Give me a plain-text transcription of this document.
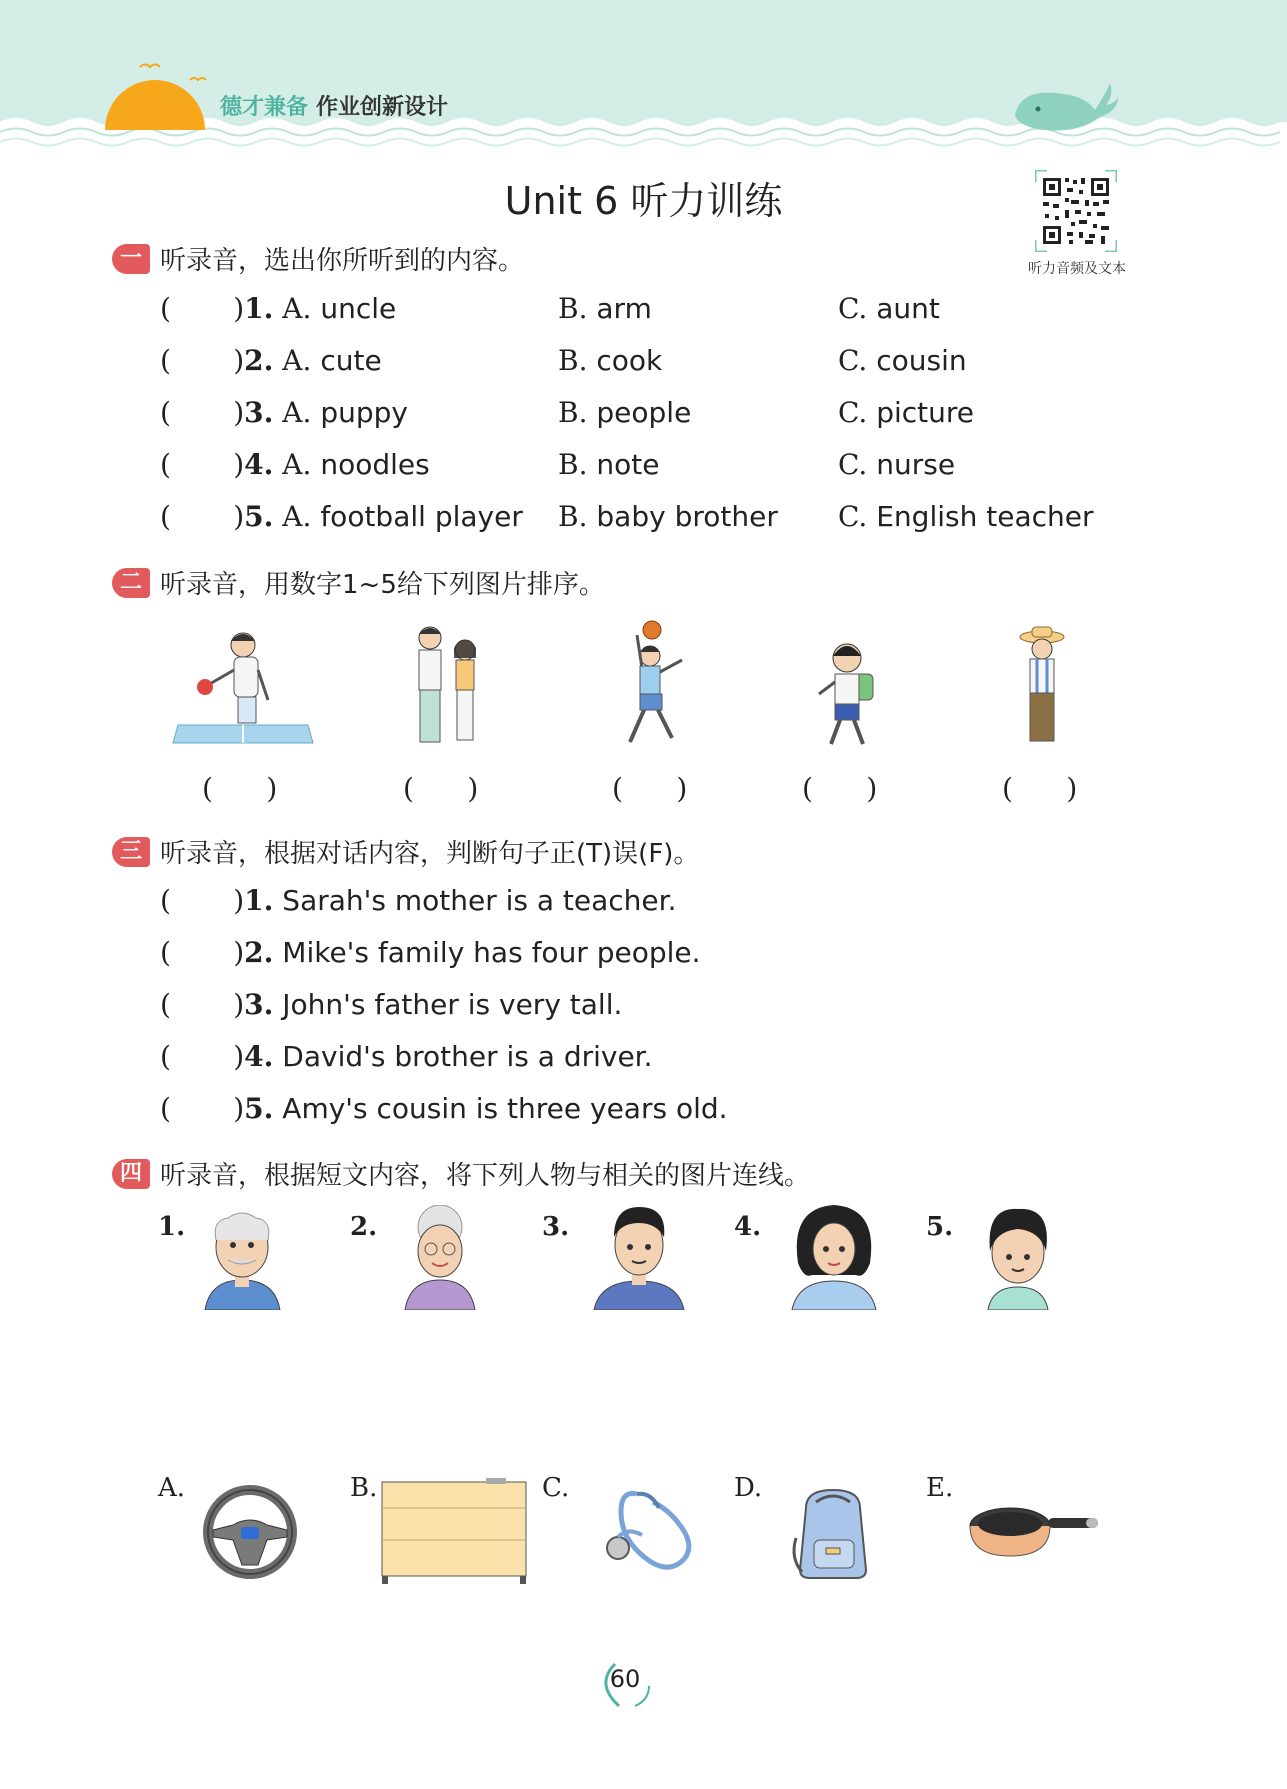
德才兼备 作业创新设计
Unit 6 听力训练
听力音频及文本
一 听录音，选出你所听到的内容。
(       )1. A. uncle	B. arm	C. aunt
(       )2. A. cute	B. cook	C. cousin
(       )3. A. puppy	B. people	C. picture
(       )4. A. noodles	B. note	C. nurse
(       )5. A. football player B. baby brother C. English teacher
二 听录音，用数字1~5给下列图片排序。
(      )	(      )	(      )	(      )	(      )
三 听录音，根据对话内容，判断句子正(T)误(F)。
(       )1. Sarah's mother is a teacher.
(       )2. Mike's family has four people.
(       )3. John's father is very tall.
(       )4. David's brother is a driver.
(       )5. Amy's cousin is three years old.
四 听录音，根据短文内容，将下列人物与相关的图片连线。
1.	2.	3.	4.	5.
A.	B.	C.	D.	E.
60
